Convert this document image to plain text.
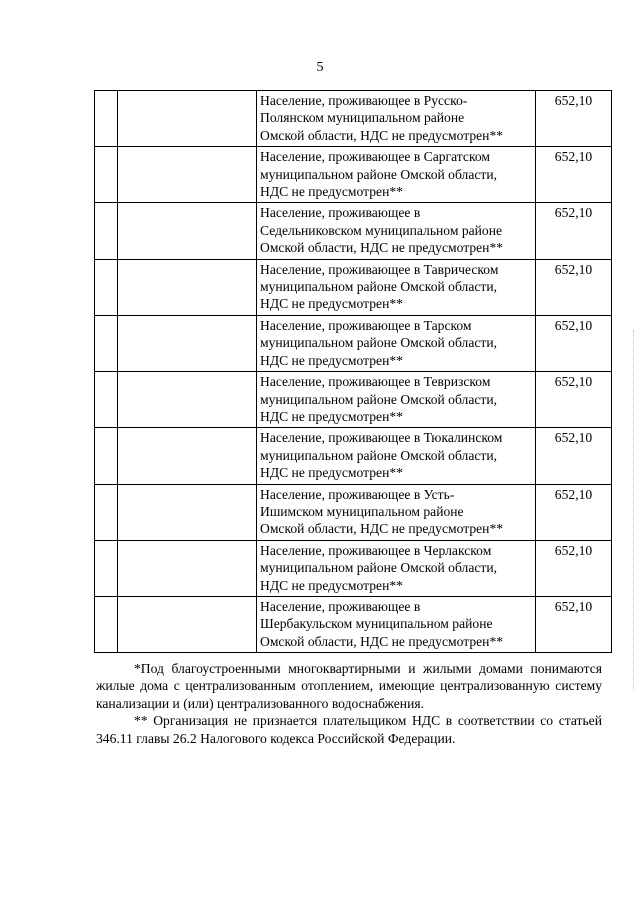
5
		Население, проживающее в Русско-
Полянском муниципальном районе
Омской области, НДС не предусмотрен**	652,10
		Население, проживающее в Саргатском
муниципальном районе Омской области,
НДС не предусмотрен**	652,10
		Население, проживающее в
Седельниковском муниципальном районе
Омской области, НДС не предусмотрен**	652,10
		Население, проживающее в Таврическом
муниципальном районе Омской области,
НДС не предусмотрен**	652,10
		Население, проживающее в Тарском
муниципальном районе Омской области,
НДС не предусмотрен**	652,10
		Население, проживающее в Тевризском
муниципальном районе Омской области,
НДС не предусмотрен**	652,10
		Население, проживающее в Тюкалинском
муниципальном районе Омской области,
НДС не предусмотрен**	652,10
		Население, проживающее в Усть-
Ишимском муниципальном районе
Омской области, НДС не предусмотрен**	652,10
		Население, проживающее в Черлакском
муниципальном районе Омской области,
НДС не предусмотрен**	652,10
		Население, проживающее в
Шербакульском муниципальном районе
Омской области, НДС не предусмотрен**	652,10

*Под благоустроенными многоквартирными и жилыми домами понимаются жилые дома с централизованным отоплением, имеющие централизованную систему канализации и (или) централизованного водоснабжения.

** Организация не признается плательщиком НДС в соответствии со статьей 346.11 главы 26.2 Налогового кодекса Российской Федерации.
